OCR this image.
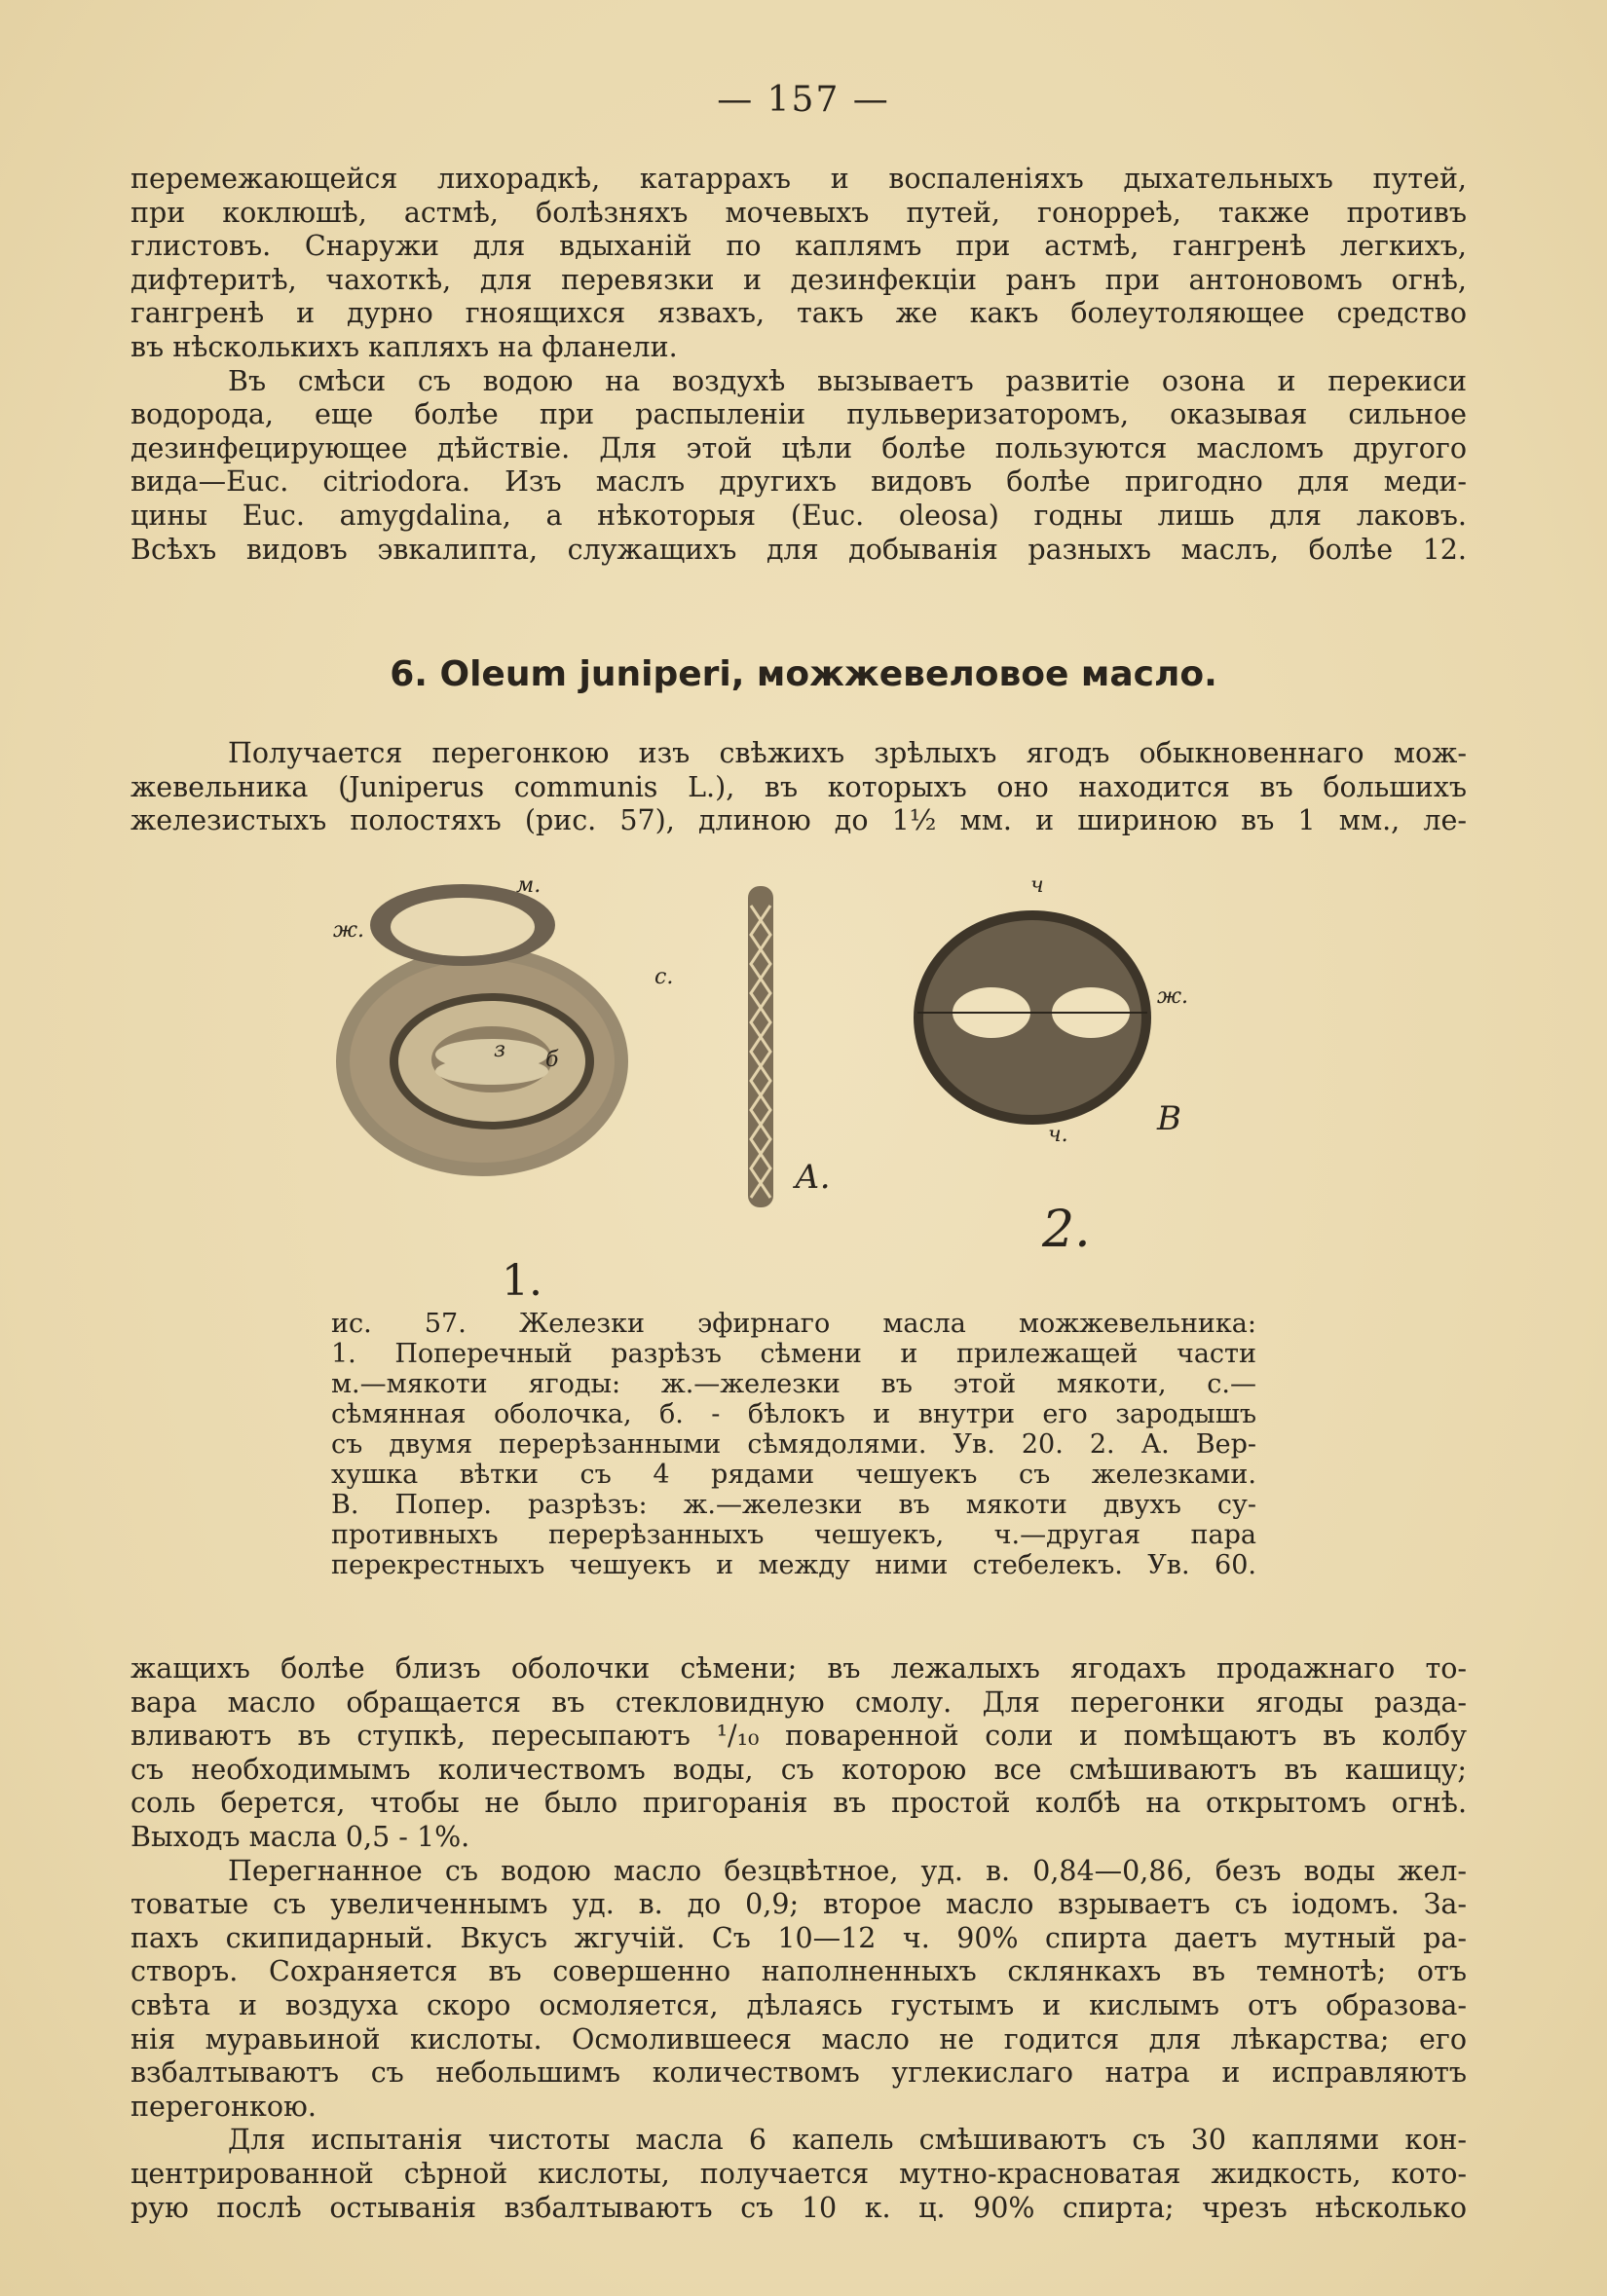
— 157 —
перемежающейся лихорадкѣ, катаррахъ и воспаленіяхъ дыхательныхъ путей,
при коклюшѣ, астмѣ, болѣзняхъ мочевыхъ путей, гонорреѣ, также противъ
глистовъ. Снаружи для вдыханій по каплямъ при астмѣ, гангренѣ легкихъ,
дифтеритѣ, чахоткѣ, для перевязки и дезинфекціи ранъ при антоновомъ огнѣ,
гангренѣ и дурно гноящихся язвахъ, такъ же какъ болеутоляющее средство
въ нѣсколькихъ капляхъ на фланели.
Въ смѣси съ водою на воздухѣ вызываетъ развитіе озона и перекиси
водорода, еще болѣе при распыленіи пульверизаторомъ, оказывая сильное
дезинфецирующее дѣйствіе. Для этой цѣли болѣе пользуются масломъ другого
вида—Euc. citriodora. Изъ маслъ другихъ видовъ болѣе пригодно для меди-
цины Euc. amygdalina, а нѣкоторыя (Euc. oleosa) годны лишь для лаковъ.
Всѣхъ видовъ эвкалипта, служащихъ для добыванія разныхъ маслъ, болѣе 12.
6. Oleum juniperi, можжевеловое масло.
Получается перегонкою изъ свѣжихъ зрѣлыхъ ягодъ обыкновеннаго мож-
жевельника (Juniperus communis L.), въ которыхъ оно находится въ большихъ
железистыхъ полостяхъ (рис. 57), длиною до 1½ мм. и шириною въ 1 мм., ле-
м.
ж.
с.
з б
ч
ж.
ч.	В
А.
1.
2.
ис. 57. Железки эфирнаго масла можжевельника:
1. Поперечный разрѣзъ сѣмени и прилежащей части
м.—мякоти ягоды: ж.—железки въ этой мякоти, с.—
сѣмянная оболочка, б. - бѣлокъ и внутри его зародышъ
съ двумя перерѣзанными сѣмядолями. Ув. 20. 2. А. Вер-
хушка вѣтки съ 4 рядами чешуекъ съ железками.
В. Попер. разрѣзъ: ж.—железки въ мякоти двухъ су-
противныхъ перерѣзанныхъ чешуекъ, ч.—другая пара
перекрестныхъ чешуекъ и между ними стебелекъ. Ув. 60.
жащихъ болѣе близъ оболочки сѣмени; въ лежалыхъ ягодахъ продажнаго то-
вара масло обращается въ стекловидную смолу. Для перегонки ягоды разда-
вливаютъ въ ступкѣ, пересыпаютъ ¹/₁₀ поваренной соли и помѣщаютъ въ колбу
съ необходимымъ количествомъ воды, съ которою все смѣшиваютъ въ кашицу;
соль берется, чтобы не было пригоранія въ простой колбѣ на открытомъ огнѣ.
Выходъ масла 0,5 - 1%.
Перегнанное съ водою масло безцвѣтное, уд. в. 0,84—0,86, безъ воды жел-
товатые съ увеличеннымъ уд. в. до 0,9; второе масло взрываетъ съ іодомъ. За-
пахъ скипидарный. Вкусъ жгучій. Съ 10—12 ч. 90% спирта даетъ мутный ра-
створъ. Сохраняется въ совершенно наполненныхъ склянкахъ въ темнотѣ; отъ
свѣта и воздуха скоро осмоляется, дѣлаясь густымъ и кислымъ отъ образова-
нія муравьиной кислоты. Осмолившееся масло не годится для лѣкарства; его
взбалтываютъ съ небольшимъ количествомъ углекислаго натра и исправляютъ
перегонкою.
Для испытанія чистоты масла 6 капель смѣшиваютъ съ 30 каплями кон-
центрированной сѣрной кислоты, получается мутно-красноватая жидкость, кото-
рую послѣ остыванія взбалтываютъ съ 10 к. ц. 90% спирта; чрезъ нѣсколько
